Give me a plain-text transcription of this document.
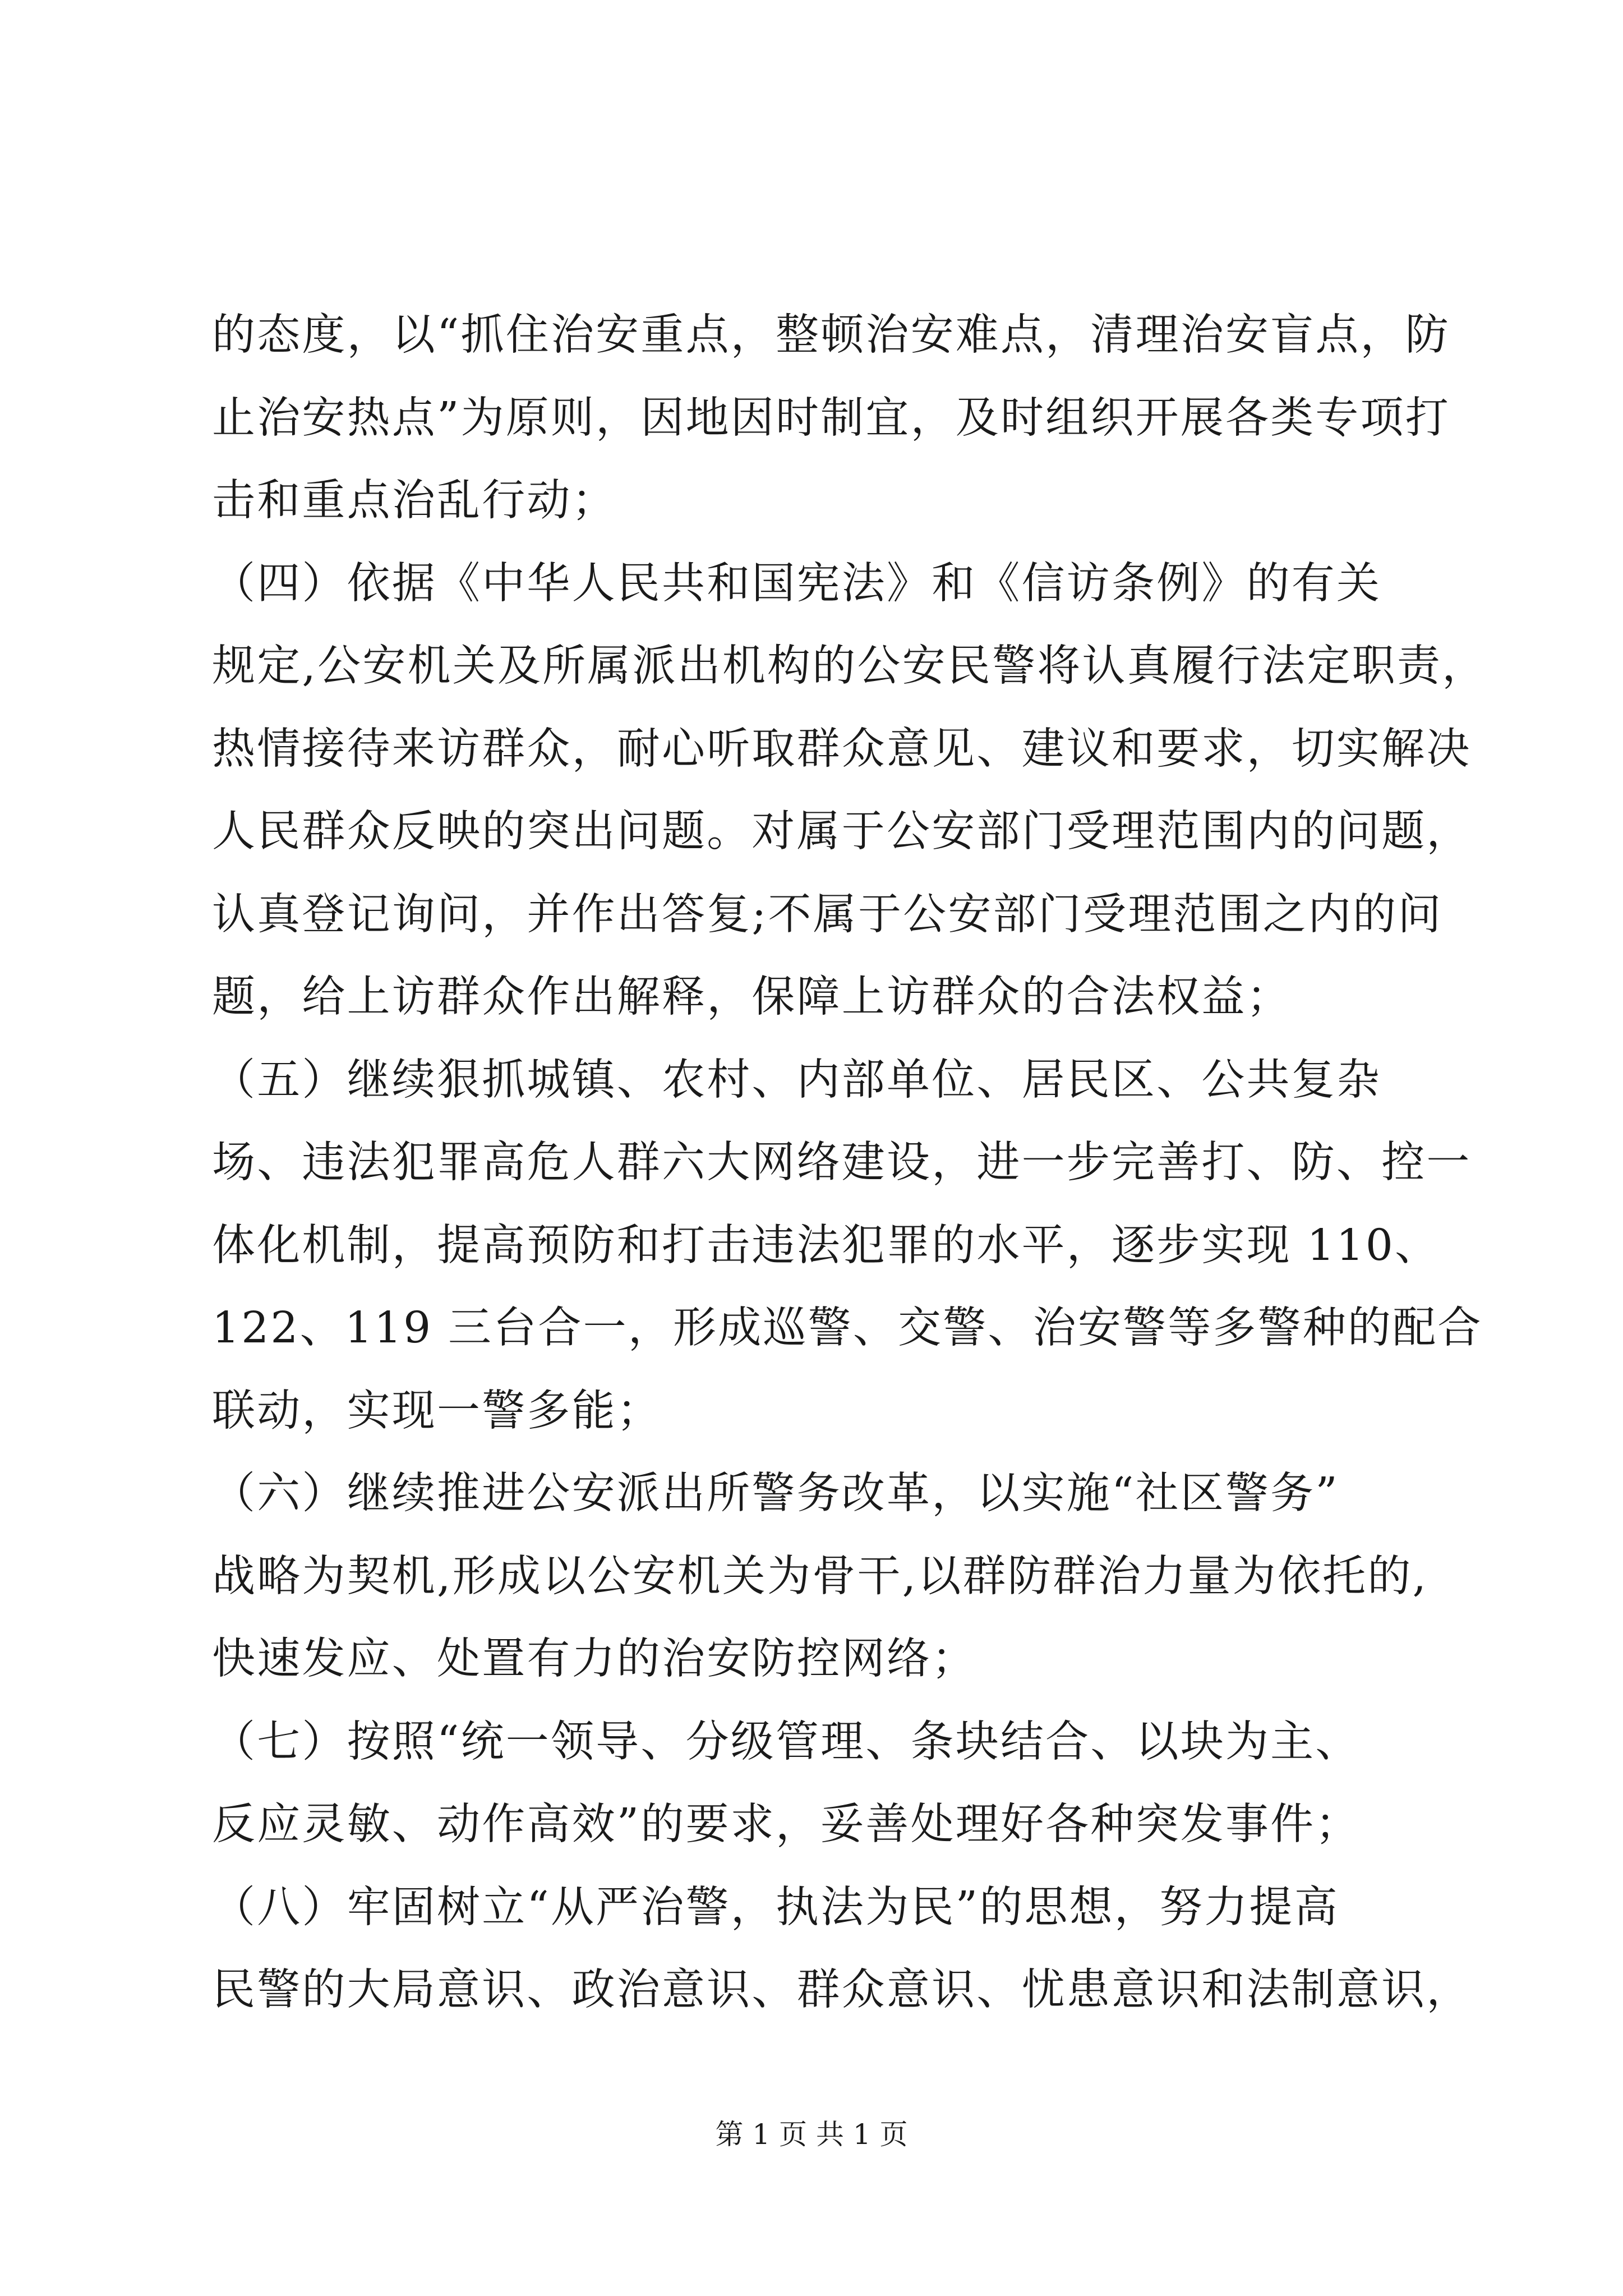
的态度，以“抓住治安重点，整顿治安难点，清理治安盲点，防
止治安热点”为原则，因地因时制宜，及时组织开展各类专项打
击和重点治乱行动；
（四）依据《中华人民共和国宪法》和《信访条例》的有关
规定,公安机关及所属派出机构的公安民警将认真履行法定职责，
热情接待来访群众，耐心听取群众意见、建议和要求，切实解决
人民群众反映的突出问题。对属于公安部门受理范围内的问题，
认真登记询问，并作出答复;不属于公安部门受理范围之内的问
题，给上访群众作出解释，保障上访群众的合法权益；
（五）继续狠抓城镇、农村、内部单位、居民区、公共复杂
场、违法犯罪高危人群六大网络建设，进一步完善打、防、控一
体化机制，提高预防和打击违法犯罪的水平，逐步实现 110、
122、119 三台合一，形成巡警、交警、治安警等多警种的配合
联动，实现一警多能；
（六）继续推进公安派出所警务改革，以实施“社区警务”
战略为契机,形成以公安机关为骨干,以群防群治力量为依托的,
快速发应、处置有力的治安防控网络；
（七）按照“统一领导、分级管理、条块结合、以块为主、
反应灵敏、动作高效”的要求，妥善处理好各种突发事件；
（八）牢固树立“从严治警，执法为民”的思想，努力提高
民警的大局意识、政治意识、群众意识、忧患意识和法制意识，
第 1 页 共 1 页
